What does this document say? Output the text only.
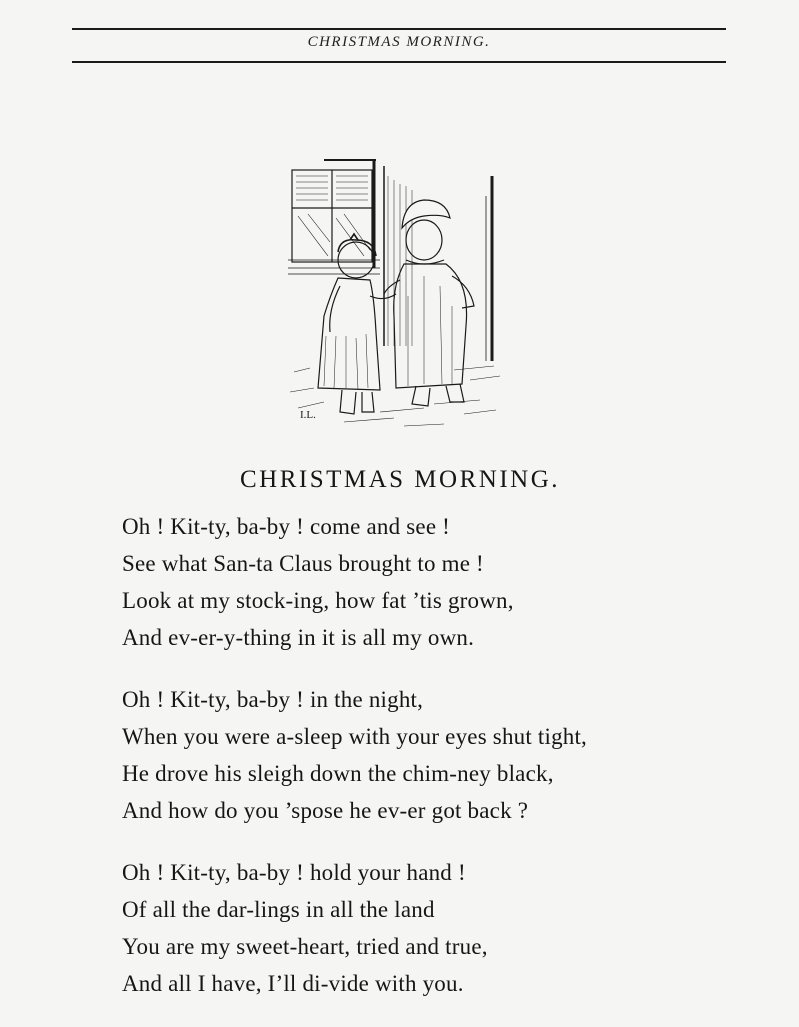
CHRISTMAS MORNING.
I.L.
CHRISTMAS MORNING.
Oh ! Kit-ty, ba-by ! come and see !
See what San-ta Claus brought to me !
Look at my stock-ing, how fat ’tis grown,
And ev-er-y-thing in it is all my own.
Oh ! Kit-ty, ba-by ! in the night,
When you were a-sleep with your eyes shut tight,
He drove his sleigh down the chim-ney black,
And how do you ’spose he ev-er got back ?
Oh ! Kit-ty, ba-by ! hold your hand !
Of all the dar-lings in all the land
You are my sweet-heart, tried and true,
And all I have, I’ll di-vide with you.
